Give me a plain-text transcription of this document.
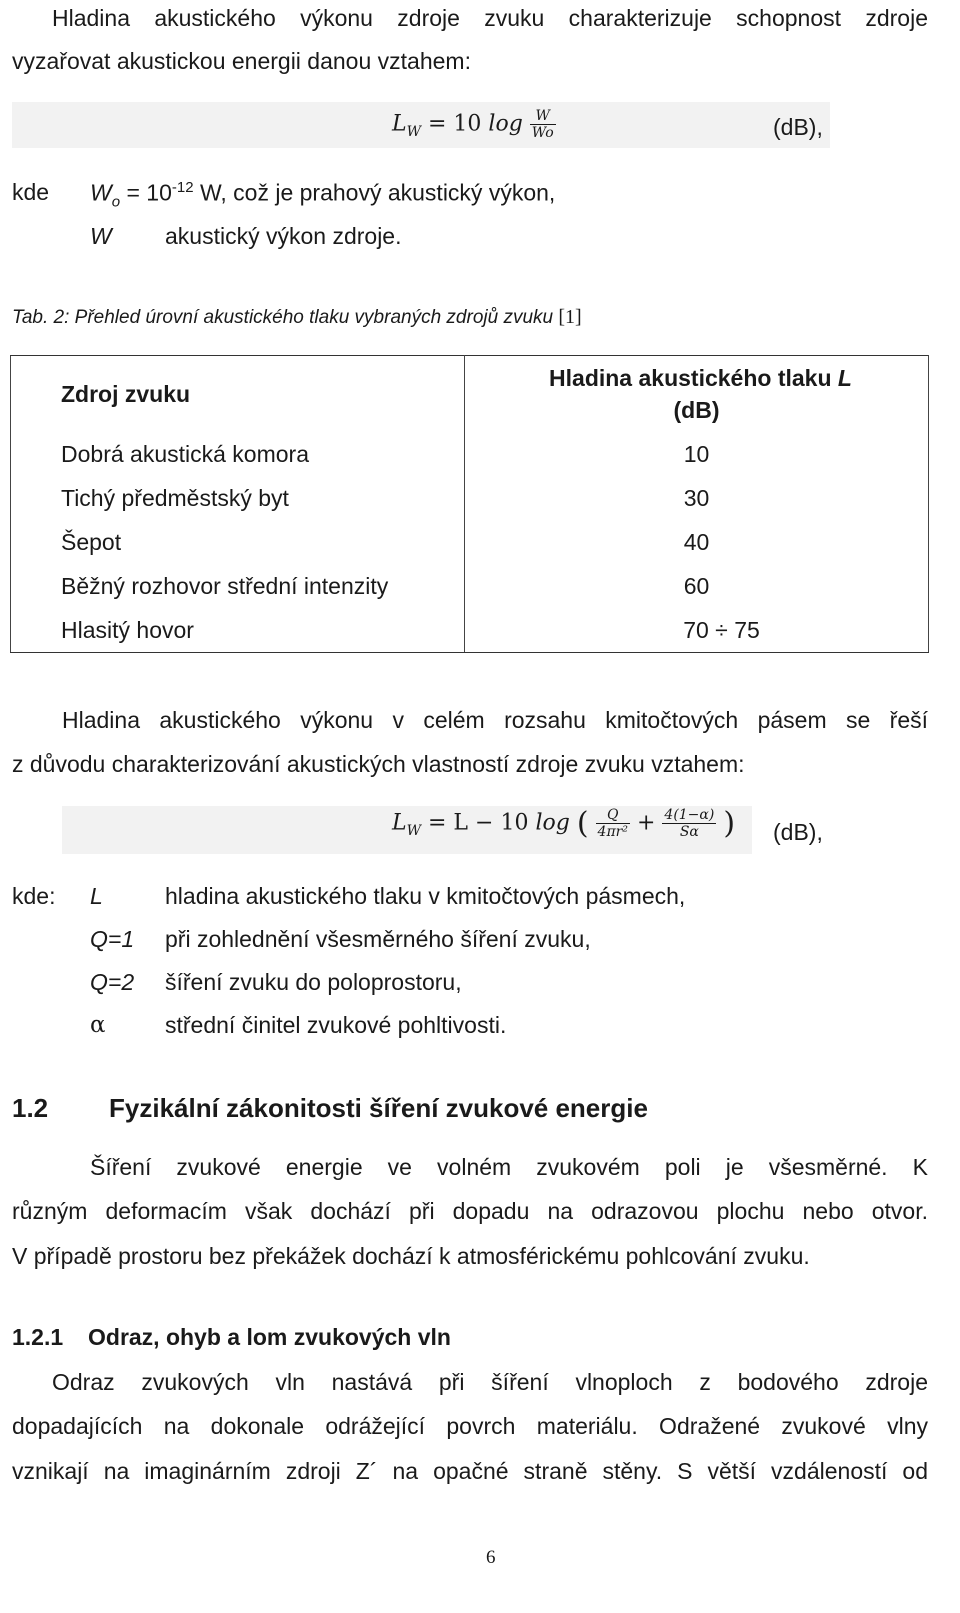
Hladina akustického výkonu zdroje zvuku charakterizuje schopnost zdroje
vyzařovat akustickou energii danou vztahem:
$L_W = 10$ $\log \frac{W}{Wo}$	(dB),
kde $W_o = 10^{-12}$ W, což je prahový akustický výkon,
W akustický výkon zdroje.
Tab. 2: Přehled úrovní akustického tlaku vybraných zdrojů zvuku [1]
Zdroj zvuku	Hladina akustického tlaku L
(dB)

Dobrá akustická komora	10
Tichý předměstský byt	30
Šepot	40
Běžný rozhovor střední intenzity	60
Hlasitý hovor	70 ÷ 75
Hladina akustického výkonu v celém rozsahu kmitočtových pásem se řeší
z důvodu charakterizování akustických vlastností zdroje zvuku vztahem:
$L_W = L - 10$ log ( $\frac{Q}{\text{4πr²}} + \frac{4(1-\alpha)}{S\alpha}$ ) (dB),
kde: L	hladina akustického tlaku v kmitočtových pásmech,
Q=1 při zohlednění všesměrného šíření zvuku,
Q=2 šíření zvuku do poloprostoru,
α	střední činitel zvukové pohltivosti.
1.2 Fyzikální zákonitosti šíření zvukové energie
Šíření zvukové energie ve volném zvukovém poli je všesměrné. K
různým deformacím však dochází při dopadu na odrazovou plochu nebo otvor.
V případě prostoru bez překážek dochází k atmosférickému pohlcování zvuku.
1.2.1 Odraz, ohyb a lom zvukových vln
Odraz zvukových vln nastává při šíření vlnoploch z bodového zdroje
dopadajících na dokonale odrážející povrch materiálu. Odražené zvukové vlny
vznikají na imaginárním zdroji Z´ na opačné straně stěny. S větší vzdáleností od
6
